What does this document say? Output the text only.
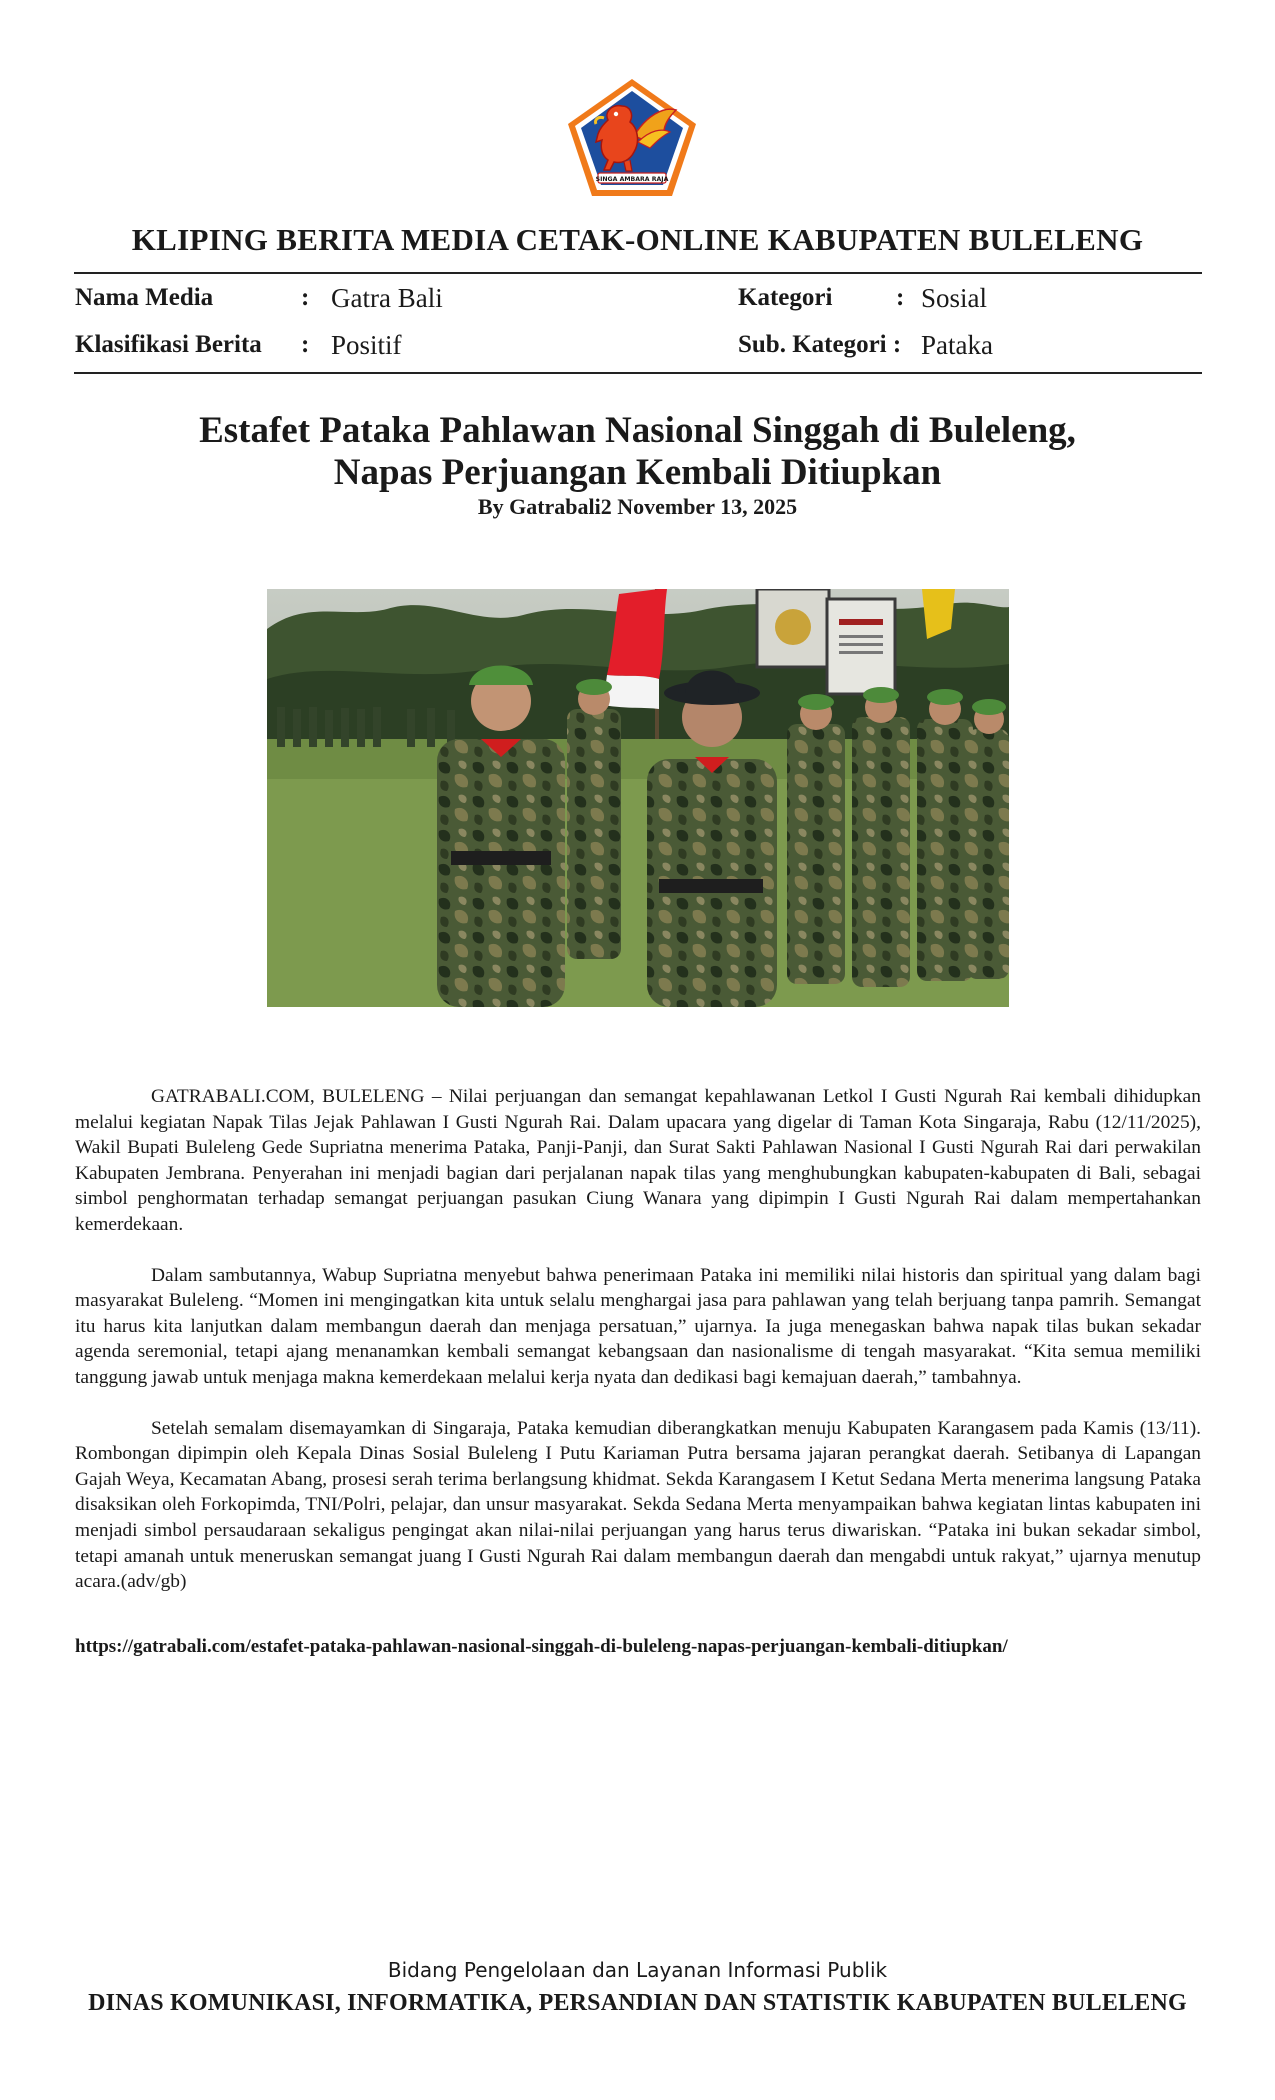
SINGA AMBARA RAJA
KLIPING BERITA MEDIA CETAK-ONLINE KABUPATEN BULELENG
Nama Media	: Gatra Bali	Kategori	: Sosial
Klasifikasi Berita : Positif	Sub. Kategori : Pataka
Estafet Pataka Pahlawan Nasional Singgah di Buleleng,
Napas Perjuangan Kembali Ditiupkan
By Gatrabali2 November 13, 2025

GATRABALI.COM, BULELENG – Nilai perjuangan dan semangat kepahlawanan Letkol I Gusti Ngurah Rai kembali dihidupkan melalui kegiatan Napak Tilas Jejak Pahlawan I Gusti Ngurah Rai. Dalam upacara yang digelar di Taman Kota Singaraja, Rabu (12/11/2025), Wakil Bupati Buleleng Gede Supriatna menerima Pataka, Panji-Panji, dan Surat Sakti Pahlawan Nasional I Gusti Ngurah Rai dari perwakilan Kabupaten Jembrana. Penyerahan ini menjadi bagian dari perjalanan napak tilas yang menghubungkan kabupaten-kabupaten di Bali, sebagai simbol penghormatan terhadap semangat perjuangan pasukan Ciung Wanara yang dipimpin I Gusti Ngurah Rai dalam mempertahankan kemerdekaan.

Dalam sambutannya, Wabup Supriatna menyebut bahwa penerimaan Pataka ini memiliki nilai historis dan spiritual yang dalam bagi masyarakat Buleleng. “Momen ini mengingatkan kita untuk selalu menghargai jasa para pahlawan yang telah berjuang tanpa pamrih. Semangat itu harus kita lanjutkan dalam membangun daerah dan menjaga persatuan,” ujarnya. Ia juga menegaskan bahwa napak tilas bukan sekadar agenda seremonial, tetapi ajang menanamkan kembali semangat kebangsaan dan nasionalisme di tengah masyarakat. “Kita semua memiliki tanggung jawab untuk menjaga makna kemerdekaan melalui kerja nyata dan dedikasi bagi kemajuan daerah,” tambahnya.

Setelah semalam disemayamkan di Singaraja, Pataka kemudian diberangkatkan menuju Kabupaten Karangasem pada Kamis (13/11). Rombongan dipimpin oleh Kepala Dinas Sosial Buleleng I Putu Kariaman Putra bersama jajaran perangkat daerah. Setibanya di Lapangan Gajah Weya, Kecamatan Abang, prosesi serah terima berlangsung khidmat. Sekda Karangasem I Ketut Sedana Merta menerima langsung Pataka disaksikan oleh Forkopimda, TNI/Polri, pelajar, dan unsur masyarakat. Sekda Sedana Merta menyampaikan bahwa kegiatan lintas kabupaten ini menjadi simbol persaudaraan sekaligus pengingat akan nilai-nilai perjuangan yang harus terus diwariskan. “Pataka ini bukan sekadar simbol, tetapi amanah untuk meneruskan semangat juang I Gusti Ngurah Rai dalam membangun daerah dan mengabdi untuk rakyat,” ujarnya menutup acara.(adv/gb)

https://gatrabali.com/estafet-pataka-pahlawan-nasional-singgah-di-buleleng-napas-perjuangan-kembali-ditiupkan/
Bidang Pengelolaan dan Layanan Informasi Publik
DINAS KOMUNIKASI, INFORMATIKA, PERSANDIAN DAN STATISTIK KABUPATEN BULELENG
